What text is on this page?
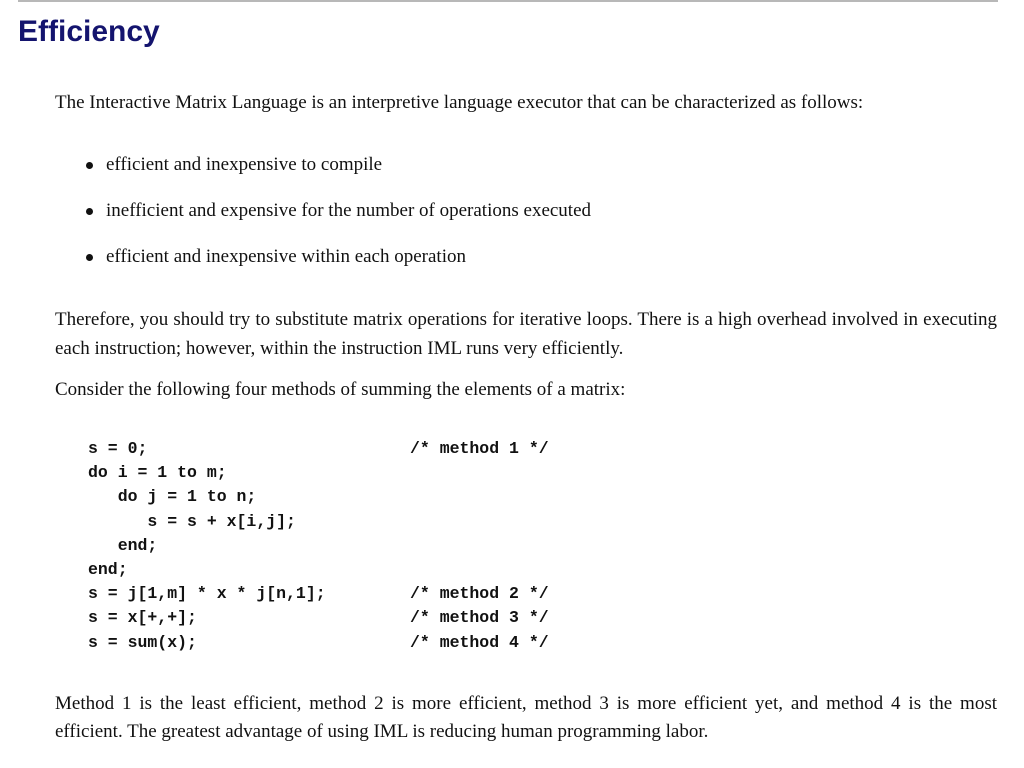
Efficiency

The Interactive Matrix Language is an interpretive language executor that can be characterized as follows:

efficient and inexpensive to compile
inefficient and expensive for the number of operations executed
efficient and inexpensive within each operation

Therefore, you should try to substitute matrix operations for iterative loops. There is a high overhead involved in executing each instruction; however, within the instruction IML runs very efficiently.

Consider the following four methods of summing the elements of a matrix:

s = 0;	/* method 1 */
do i = 1 to m;
do j = 1 to n;
s = s + x[i,j];
end;
end;
s = j[1,m] * x * j[n,1];	/* method 2 */
s = x[+,+];	/* method 3 */
s = sum(x);	/* method 4 */

Method 1 is the least efficient, method 2 is more efficient, method 3 is more efficient yet, and method 4 is the most efficient. The greatest advantage of using IML is reducing human programming labor.
